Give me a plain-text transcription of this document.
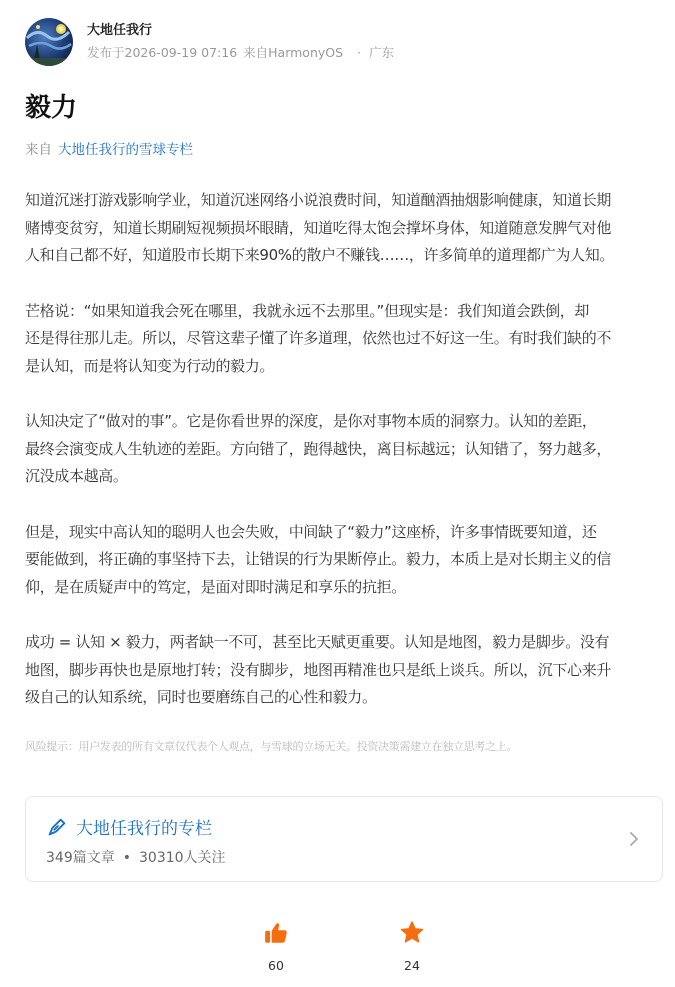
大地任我行
发布于2026-09-19 07:16 来自HarmonyOS · 广东
毅力
来自 大地任我行的雪球专栏

知道沉迷打游戏影响学业，知道沉迷网络小说浪费时间，知道酗酒抽烟影响健康，知道长期
赌博变贫穷，知道长期刷短视频损坏眼睛，知道吃得太饱会撑坏身体，知道随意发脾气对他
人和自己都不好，知道股市长期下来90%的散户不赚钱……，许多简单的道理都广为人知。

芒格说：“如果知道我会死在哪里，我就永远不去那里。”但现实是：我们知道会跌倒，却
还是得往那儿走。所以，尽管这辈子懂了许多道理，依然也过不好这一生。有时我们缺的不
是认知，而是将认知变为行动的毅力。

认知决定了“做对的事”。它是你看世界的深度，是你对事物本质的洞察力。认知的差距，
最终会演变成人生轨迹的差距。方向错了，跑得越快，离目标越远；认知错了，努力越多，
沉没成本越高。

但是，现实中高认知的聪明人也会失败，中间缺了“毅力”这座桥，许多事情既要知道，还
要能做到，将正确的事坚持下去，让错误的行为果断停止。毅力，本质上是对长期主义的信
仰，是在质疑声中的笃定，是面对即时满足和享乐的抗拒。

成功 = 认知 × 毅力，两者缺一不可，甚至比天赋更重要。认知是地图，毅力是脚步。没有
地图，脚步再快也是原地打转；没有脚步，地图再精准也只是纸上谈兵。所以，沉下心来升
级自己的认知系统，同时也要磨练自己的心性和毅力。

风险提示：用户发表的所有文章仅代表个人观点，与雪球的立场无关。投资决策需建立在独立思考之上。
大地任我行的专栏
349篇文章 • 30310人关注
60	24
